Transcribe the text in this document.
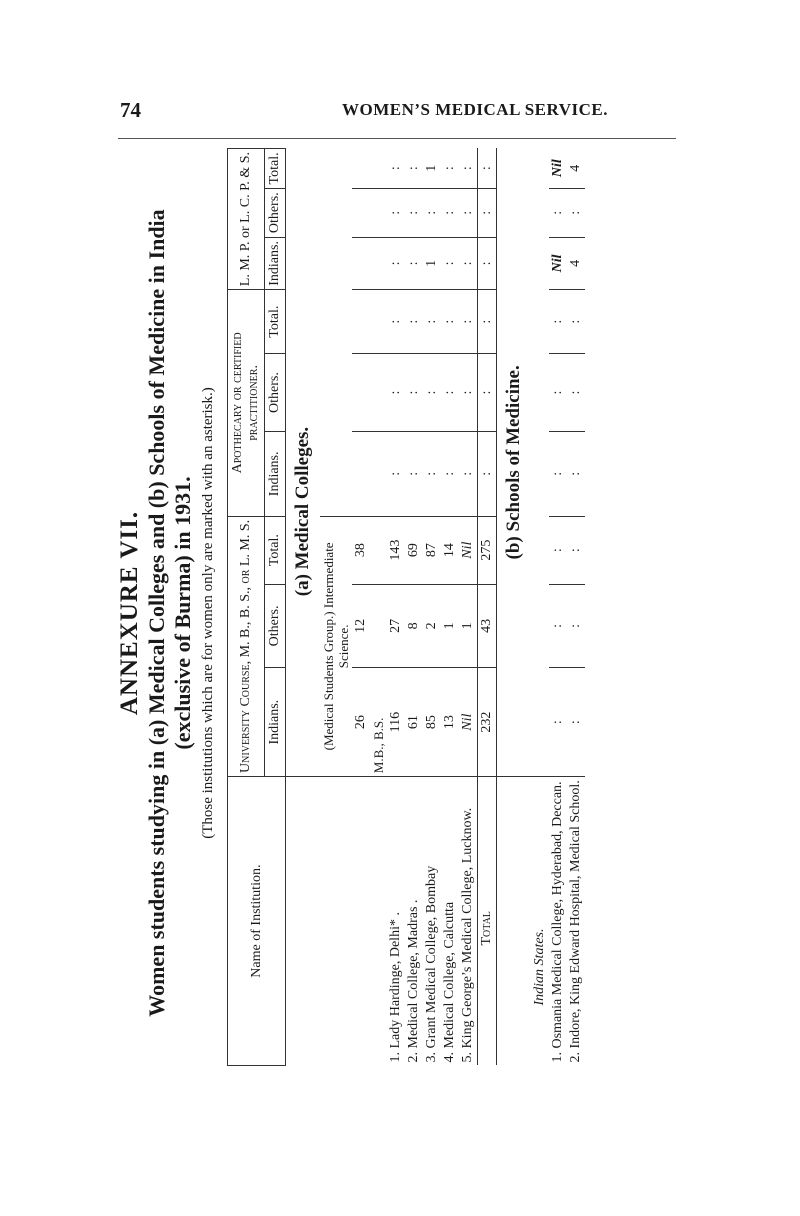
74	WOMEN’S MEDICAL SERVICE.
ANNEXURE VII. Women students studying in (a) Medical Colleges and (b) Schools of Medicine in India (exclusive of Burma) in 1931. (Those institutions which are for women only are marked with an asterisk.)
Name of Institution.	University Course, M. B., B. S., or L. M. S.			Apothecary or certified practitioner.			L. M. P. or L. C. P. & S.		
	Indians.	Others.	Total.	Indians.	Others.	Total.	Indians.	Others.	Total.
	(a) Medical Colleges.								
	(Medical Students Group.) Intermediate Science.								
	26	12	38						
	M.B., B.S.								
1. Lady Hardinge, Delhi* .	116	27	143	:	:	:	:	:	:
2. Medical College, Madras .	61	8	69	:	:	:	:	:	:
3. Grant Medical College, Bombay	85	2	87	:	:	:	1	:	1
4. Medical College, Calcutta	13	1	14	:	:	:	:	:	:
5. King George’s Medical College, Lucknow.	Nil	1	Nil	:	:	:	:	:	:
Total	232	43	275	:	:	:	:	:	:
	(b) Schools of Medicine.								
Indian States.									
1. Osmania Medical College, Hyderabad, Deccan.	:	:	:	:	:	:	Nil	:	Nil
2. Indore, King Edward Hospital, Medical School.	:	:	:	:	:	:	4	:	4
